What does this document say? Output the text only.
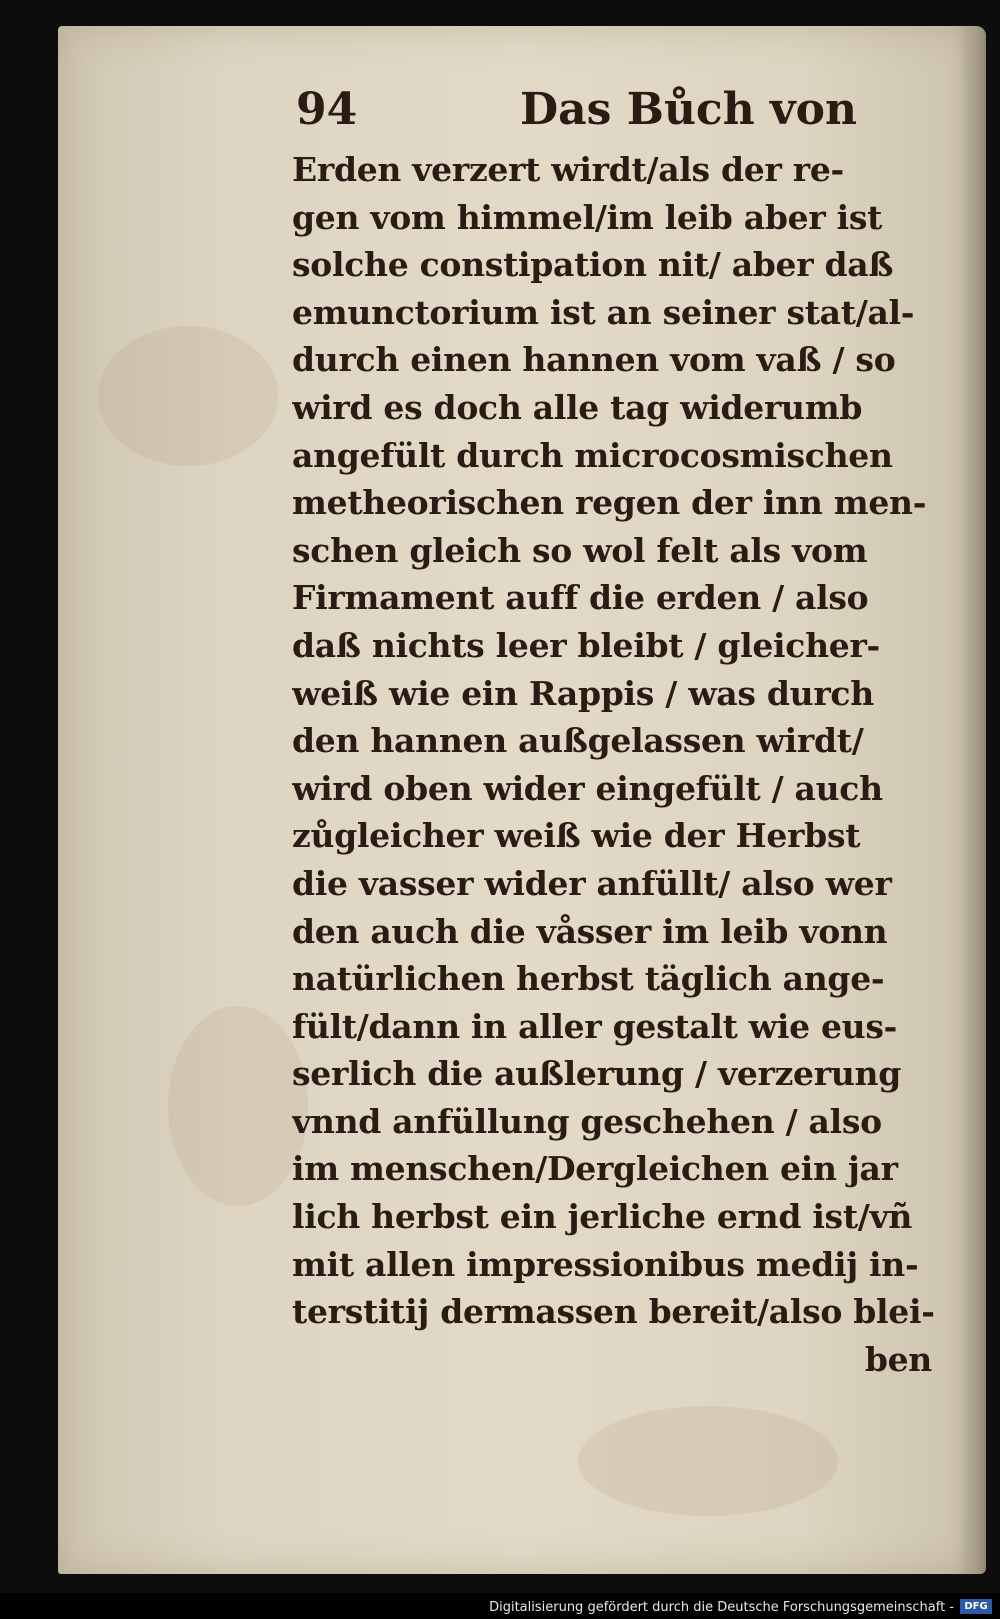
94	Das Bůch von
Erden verzert wirdt/als der re-
gen vom himmel/im leib aber ist
solche constipation nit/ aber daß
emunctorium ist an seiner stat/al-
durch einen hannen vom vaß / so
wird es doch alle tag widerumb
angefült durch microcosmischen
metheorischen regen der inn men-
schen gleich so wol felt als vom
Firmament auff die erden / also
daß nichts leer bleibt / gleicher-
weiß wie ein Rappis / was durch
den hannen außgelassen wirdt/
wird oben wider eingefült / auch
zůgleicher weiß wie der Herbst
die vasser wider anfüllt/ also wer
den auch die våsser im leib vonn
natürlichen herbst täglich ange-
fült/dann in aller gestalt wie eus-
serlich die außlerung / verzerung
vnnd anfüllung geschehen / also
im menschen/Dergleichen ein jar
lich herbst ein jerliche ernd ist/vñ
mit allen impressionibus medij in-
terstitij dermassen bereit/also blei-
ben
Digitalisierung gefördert durch die Deutsche Forschungsgemeinschaft -	DFG
